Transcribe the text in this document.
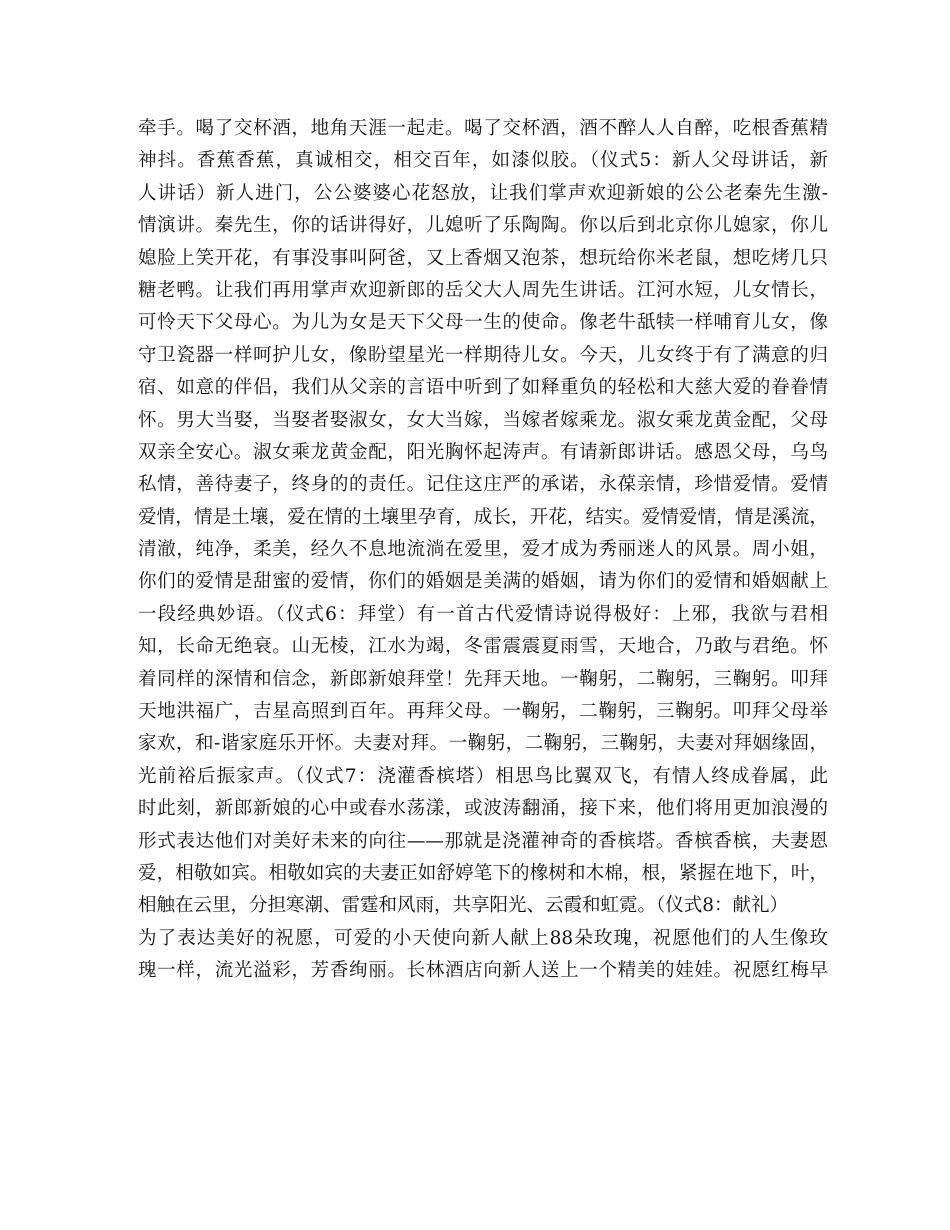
牵手。喝了交杯酒，地角天涯一起走。喝了交杯酒，酒不醉人人自醉，吃根香蕉精
神抖。香蕉香蕉，真诚相交，相交百年，如漆似胶。（仪式5：新人父母讲话，新
人讲话）新人进门，公公婆婆心花怒放，让我们掌声欢迎新娘的公公老秦先生激-
情演讲。秦先生，你的话讲得好，儿媳听了乐陶陶。你以后到北京你儿媳家，你儿
媳脸上笑开花，有事没事叫阿爸，又上香烟又泡茶，想玩给你米老鼠，想吃烤几只
糖老鸭。让我们再用掌声欢迎新郎的岳父大人周先生讲话。江河水短，儿女情长，
可怜天下父母心。为儿为女是天下父母一生的使命。像老牛舐犊一样哺育儿女，像
守卫瓷器一样呵护儿女，像盼望星光一样期待儿女。今天，儿女终于有了满意的归
宿、如意的伴侣，我们从父亲的言语中听到了如释重负的轻松和大慈大爱的眷眷情
怀。男大当娶，当娶者娶淑女，女大当嫁，当嫁者嫁乘龙。淑女乘龙黄金配，父母
双亲全安心。淑女乘龙黄金配，阳光胸怀起涛声。有请新郎讲话。感恩父母，乌鸟
私情，善待妻子，终身的的责任。记住这庄严的承诺，永葆亲情，珍惜爱情。爱情
爱情，情是土壤，爱在情的土壤里孕育，成长，开花，结实。爱情爱情，情是溪流，
清澈，纯净，柔美，经久不息地流淌在爱里，爱才成为秀丽迷人的风景。周小姐，
你们的爱情是甜蜜的爱情，你们的婚姻是美满的婚姻，请为你们的爱情和婚姻献上
一段经典妙语。（仪式6：拜堂）有一首古代爱情诗说得极好：上邪，我欲与君相
知，长命无绝衰。山无棱，江水为竭，冬雷震震夏雨雪，天地合，乃敢与君绝。怀
着同样的深情和信念，新郎新娘拜堂！先拜天地。一鞠躬，二鞠躬，三鞠躬。叩拜
天地洪福广，吉星高照到百年。再拜父母。一鞠躬，二鞠躬，三鞠躬。叩拜父母举
家欢，和-谐家庭乐开怀。夫妻对拜。一鞠躬，二鞠躬，三鞠躬，夫妻对拜姻缘固，
光前裕后振家声。（仪式7：浇灌香槟塔）相思鸟比翼双飞，有情人终成眷属，此
时此刻，新郎新娘的心中或春水荡漾，或波涛翻涌，接下来，他们将用更加浪漫的
形式表达他们对美好未来的向往——那就是浇灌神奇的香槟塔。香槟香槟，夫妻恩
爱，相敬如宾。相敬如宾的夫妻正如舒婷笔下的橡树和木棉，根，紧握在地下，叶，
相触在云里，分担寒潮、雷霆和风雨，共享阳光、云霞和虹霓。（仪式8：献礼）
为了表达美好的祝愿，可爱的小天使向新人献上88朵玫瑰，祝愿他们的人生像玫
瑰一样，流光溢彩，芳香绚丽。长林酒店向新人送上一个精美的娃娃。祝愿红梅早
